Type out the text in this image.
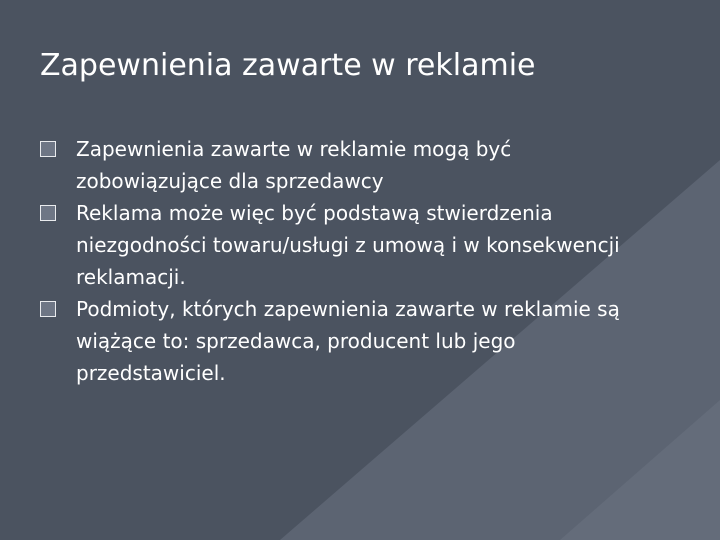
Zapewnienia zawarte w reklamie
Zapewnienia zawarte w reklamie mogą być zobowiązujące dla sprzedawcy
Reklama może więc być podstawą stwierdzenia niezgodności towaru/usługi z umową i w konsekwencji reklamacji.
Podmioty, których zapewnienia zawarte w reklamie są wiążące to: sprzedawca, producent lub jego przedstawiciel.
